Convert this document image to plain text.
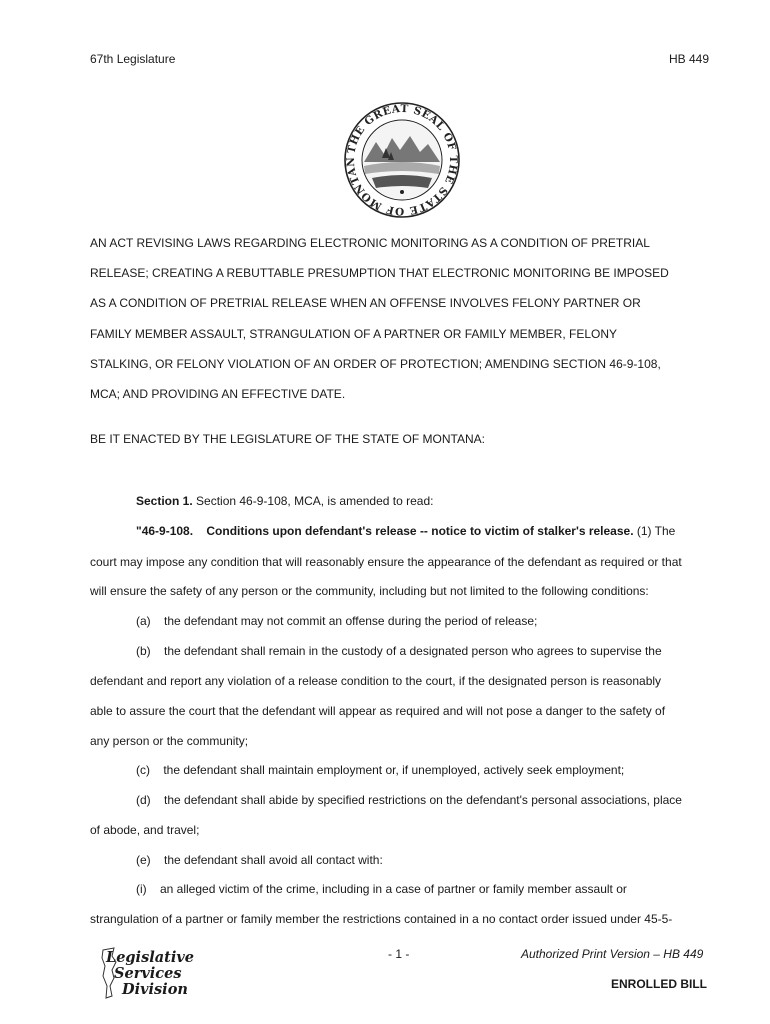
67th Legislature	HB 449
THE GREAT SEAL OF THE STATE OF MONTAN
AN ACT REVISING LAWS REGARDING ELECTRONIC MONITORING AS A CONDITION OF PRETRIAL
RELEASE; CREATING A REBUTTABLE PRESUMPTION THAT ELECTRONIC MONITORING BE IMPOSED
AS A CONDITION OF PRETRIAL RELEASE WHEN AN OFFENSE INVOLVES FELONY PARTNER OR
FAMILY MEMBER ASSAULT, STRANGULATION OF A PARTNER OR FAMILY MEMBER, FELONY
STALKING, OR FELONY VIOLATION OF AN ORDER OF PROTECTION; AMENDING SECTION 46-9-108,
MCA; AND PROVIDING AN EFFECTIVE DATE.
BE IT ENACTED BY THE LEGISLATURE OF THE STATE OF MONTANA:
Section 1. Section 46-9-108, MCA, is amended to read:
"46-9-108.    Conditions upon defendant's release -- notice to victim of stalker's release. (1) The
court may impose any condition that will reasonably ensure the appearance of the defendant as required or that
will ensure the safety of any person or the community, including but not limited to the following conditions:
(a)    the defendant may not commit an offense during the period of release;
(b)    the defendant shall remain in the custody of a designated person who agrees to supervise the
defendant and report any violation of a release condition to the court, if the designated person is reasonably
able to assure the court that the defendant will appear as required and will not pose a danger to the safety of
any person or the community;
(c)    the defendant shall maintain employment or, if unemployed, actively seek employment;
(d)    the defendant shall abide by specified restrictions on the defendant's personal associations, place
of abode, and travel;
(e)    the defendant shall avoid all contact with:
(i)    an alleged victim of the crime, including in a case of partner or family member assault or
strangulation of a partner or family member the restrictions contained in a no contact order issued under 45-5-
Legislative
Services
Division
- 1 -	Authorized Print Version – HB 449
ENROLLED BILL
